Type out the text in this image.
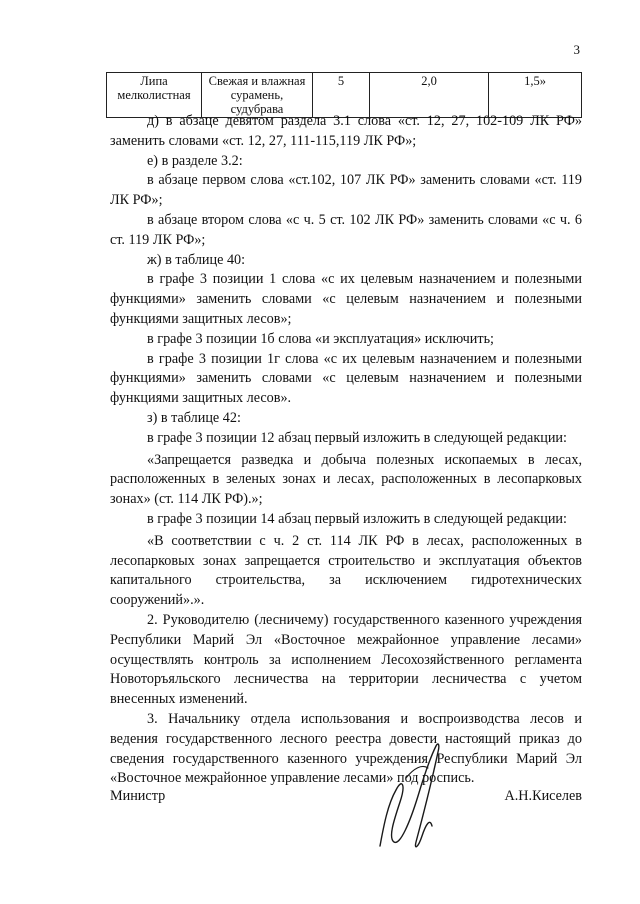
3
Липа мелколистная	Свежая и влажная сурамень, судубрава	5	2,0	1,5»

д) в абзаце девятом раздела 3.1 слова «ст. 12, 27, 102-109 ЛК РФ» заменить словами «ст. 12, 27, 111-115,119 ЛК РФ»;

е) в разделе 3.2:

в абзаце первом слова «ст.102, 107 ЛК РФ» заменить словами «ст. 119 ЛК РФ»;

в абзаце втором слова «с ч. 5 ст. 102 ЛК РФ» заменить словами «с ч. 6 ст. 119 ЛК РФ»;

ж) в таблице 40:

в графе 3 позиции 1 слова «с их целевым назначением и полезными функциями» заменить словами «с целевым назначением и полезными функциями защитных лесов»;

в графе 3 позиции 1б слова «и эксплуатация» исключить;

в графе 3 позиции 1г слова «с их целевым назначением и полезными функциями» заменить словами «с целевым назначением и полезными функциями защитных лесов».

з) в таблице 42:

в графе 3 позиции 12 абзац первый изложить в следующей редакции:

«Запрещается разведка и добыча полезных ископаемых в лесах, расположенных в зеленых зонах и лесах, расположенных в лесопарковых зонах» (ст. 114 ЛК РФ).»;

в графе 3 позиции 14 абзац первый изложить в следующей редакции:

«В соответствии с ч. 2 ст. 114 ЛК РФ в лесах, расположенных в лесопарковых зонах запрещается строительство и эксплуатация объектов капитального строительства, за исключением гидротехнических сооружений».».

2. Руководителю (лесничему) государственного казенного учреждения Республики Марий Эл «Восточное межрайонное управление лесами» осуществлять контроль за исполнением Лесохозяйственного регламента Новоторъяльского лесничества на территории лесничества с учетом внесенных изменений.

3. Начальнику отдела использования и воспроизводства лесов и ведения государственного лесного реестра довести настоящий приказ до сведения государственного казенного учреждения Республики Марий Эл «Восточное межрайонное управление лесами» под роспись.

Министр	А.Н.Киселев
